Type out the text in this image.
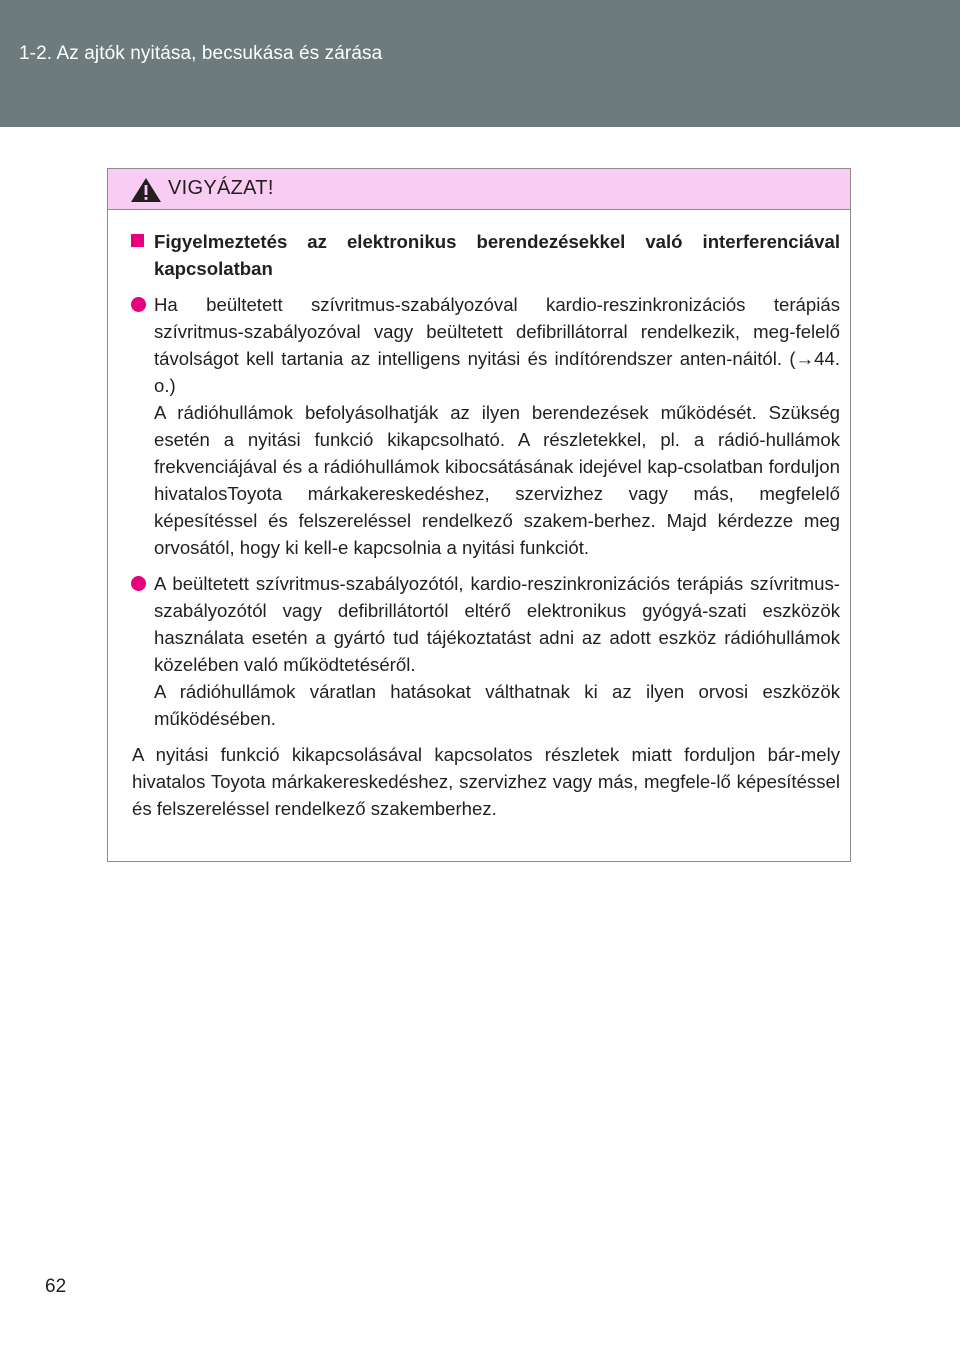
1-2. Az ajtók nyitása, becsukása és zárása
VIGYÁZAT!

Figyelmeztetés az elektronikus berendezésekkel való interferenciával kapcsolatban

Ha beültetett szívritmus-szabályozóval kardio-reszinkronizációs terápiás szívritmus-szabályozóval vagy beültetett defibrillátorral rendelkezik, meg-felelő távolságot kell tartania az intelligens nyitási és indítórendszer anten-náitól. (→44. o.)

A rádióhullámok befolyásolhatják az ilyen berendezések működését. Szükség esetén a nyitási funkció kikapcsolható. A részletekkel, pl. a rádió-hullámok frekvenciájával és a rádióhullámok kibocsátásának idejével kap-csolatban forduljon hivatalosToyota márkakereskedéshez, szervizhez vagy más, megfelelő képesítéssel és felszereléssel rendelkező szakem-berhez. Majd kérdezze meg orvosától, hogy ki kell-e kapcsolnia a nyitási funkciót.

A beültetett szívritmus-szabályozótól, kardio-reszinkronizációs terápiás szívritmus-szabályozótól vagy defibrillátortól eltérő elektronikus gyógyá-szati eszközök használata esetén a gyártó tud tájékoztatást adni az adott eszköz rádióhullámok közelében való működtetéséről.

A rádióhullámok váratlan hatásokat válthatnak ki az ilyen orvosi eszközök működésében.

A nyitási funkció kikapcsolásával kapcsolatos részletek miatt forduljon bár-mely hivatalos Toyota márkakereskedéshez, szervizhez vagy más, megfele-lő képesítéssel és felszereléssel rendelkező szakemberhez.

62
